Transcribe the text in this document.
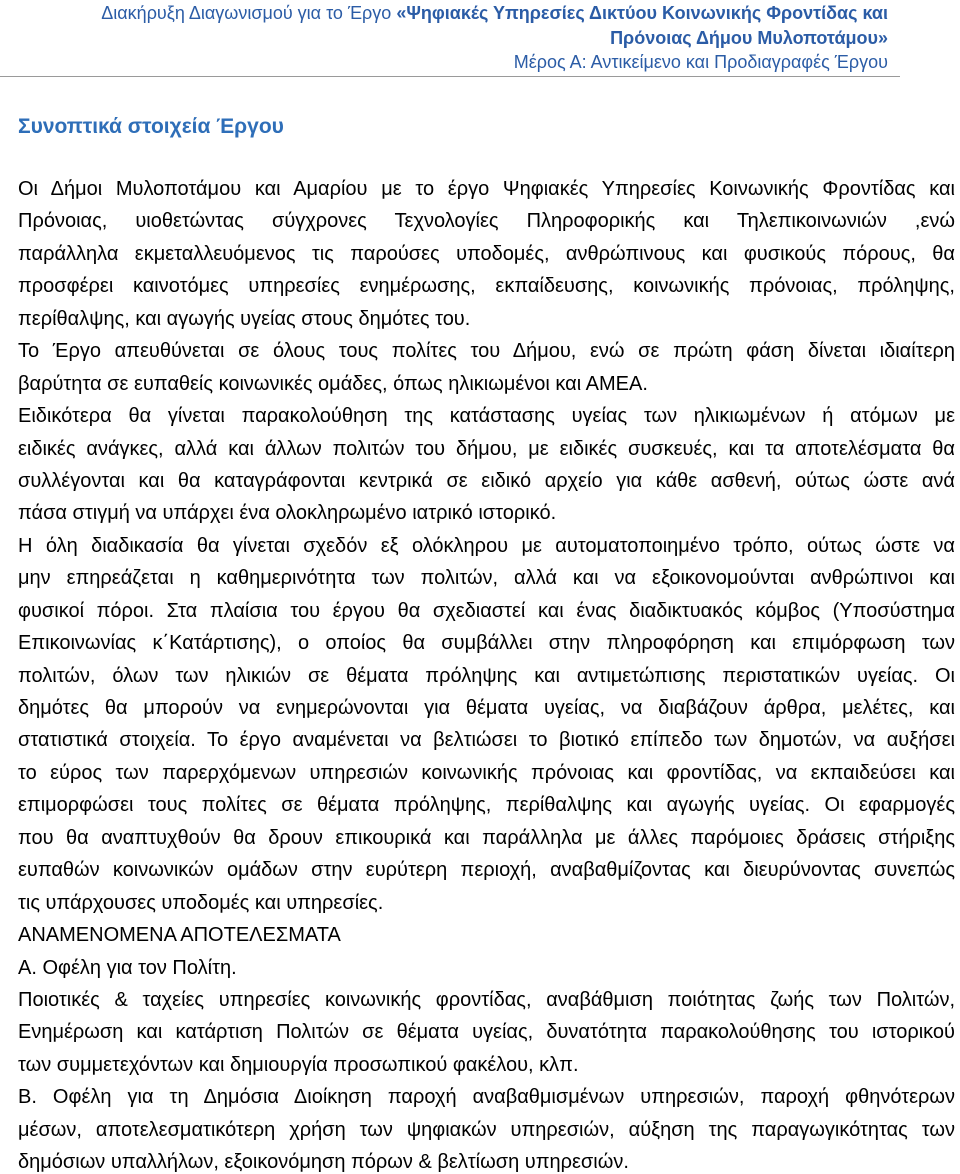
Διακήρυξη Διαγωνισμού για το Έργο «Ψηφιακές Υπηρεσίες Δικτύου Κοινωνικής Φροντίδας και
Πρόνοιας Δήμου Μυλοποτάμου»
Μέρος Α: Αντικείμενο και Προδιαγραφές Έργου
Συνοπτικά στοιχεία Έργου
Οι Δήμοι Μυλοποτάμου και Αμαρίου με το έργο Ψηφιακές Υπηρεσίες Κοινωνικής Φροντίδας και
Πρόνοιας, υιοθετώντας σύγχρονες Τεχνολογίες Πληροφορικής και Τηλεπικοινωνιών ,ενώ
παράλληλα εκμεταλλευόμενος τις παρούσες υποδομές, ανθρώπινους και φυσικούς πόρους, θα
προσφέρει καινοτόμες υπηρεσίες ενημέρωσης, εκπαίδευσης, κοινωνικής πρόνοιας, πρόληψης,
περίθαλψης, και αγωγής υγείας στους δημότες του.
Το Έργο απευθύνεται σε όλους τους πολίτες του Δήμου, ενώ σε πρώτη φάση δίνεται ιδιαίτερη
βαρύτητα σε ευπαθείς κοινωνικές ομάδες, όπως ηλικιωμένοι και ΑΜΕΑ.
Ειδικότερα θα γίνεται παρακολούθηση της κατάστασης υγείας των ηλικιωμένων ή ατόμων με
ειδικές ανάγκες, αλλά και άλλων πολιτών του δήμου, με ειδικές συσκευές, και τα αποτελέσματα θα
συλλέγονται και θα καταγράφονται κεντρικά σε ειδικό αρχείο για κάθε ασθενή, ούτως ώστε ανά
πάσα στιγμή να υπάρχει ένα ολοκληρωμένο ιατρικό ιστορικό.
Η όλη διαδικασία θα γίνεται σχεδόν εξ ολόκληρου με αυτοματοποιημένο τρόπο, ούτως ώστε να
μην επηρεάζεται η καθημερινότητα των πολιτών, αλλά και να εξοικονομούνται ανθρώπινοι και
φυσικοί πόροι. Στα πλαίσια του έργου θα σχεδιαστεί και ένας διαδικτυακός κόμβος (Υποσύστημα
Επικοινωνίας κ΄Κατάρτισης), ο οποίος θα συμβάλλει στην πληροφόρηση και επιμόρφωση των
πολιτών, όλων των ηλικιών σε θέματα πρόληψης και αντιμετώπισης περιστατικών υγείας. Οι
δημότες θα μπορούν να ενημερώνονται για θέματα υγείας, να διαβάζουν άρθρα, μελέτες, και
στατιστικά στοιχεία. Το έργο αναμένεται να βελτιώσει το βιοτικό επίπεδο των δημοτών, να αυξήσει
το εύρος των παρερχόμενων υπηρεσιών κοινωνικής πρόνοιας και φροντίδας, να εκπαιδεύσει και
επιμορφώσει τους πολίτες σε θέματα πρόληψης, περίθαλψης και αγωγής υγείας. Οι εφαρμογές
που θα αναπτυχθούν θα δρουν επικουρικά και παράλληλα με άλλες παρόμοιες δράσεις στήριξης
ευπαθών κοινωνικών ομάδων στην ευρύτερη περιοχή, αναβαθμίζοντας και διευρύνοντας συνεπώς
τις υπάρχουσες υποδομές και υπηρεσίες.
ΑΝΑΜΕΝΟΜΕΝΑ ΑΠΟΤΕΛΕΣΜΑΤΑ
Α. Οφέλη για τον Πολίτη.
Ποιοτικές & ταχείες υπηρεσίες κοινωνικής φροντίδας, αναβάθμιση ποιότητας ζωής των Πολιτών,
Ενημέρωση και κατάρτιση Πολιτών σε θέματα υγείας, δυνατότητα παρακολούθησης του ιστορικού
των συμμετεχόντων και δημιουργία προσωπικού φακέλου, κλπ.
Β. Οφέλη για τη Δημόσια Διοίκηση παροχή αναβαθμισμένων υπηρεσιών, παροχή φθηνότερων
μέσων, αποτελεσματικότερη χρήση των ψηφιακών υπηρεσιών, αύξηση της παραγωγικότητας των
δημόσιων υπαλλήλων, εξοικονόμηση πόρων & βελτίωση υπηρεσιών.
